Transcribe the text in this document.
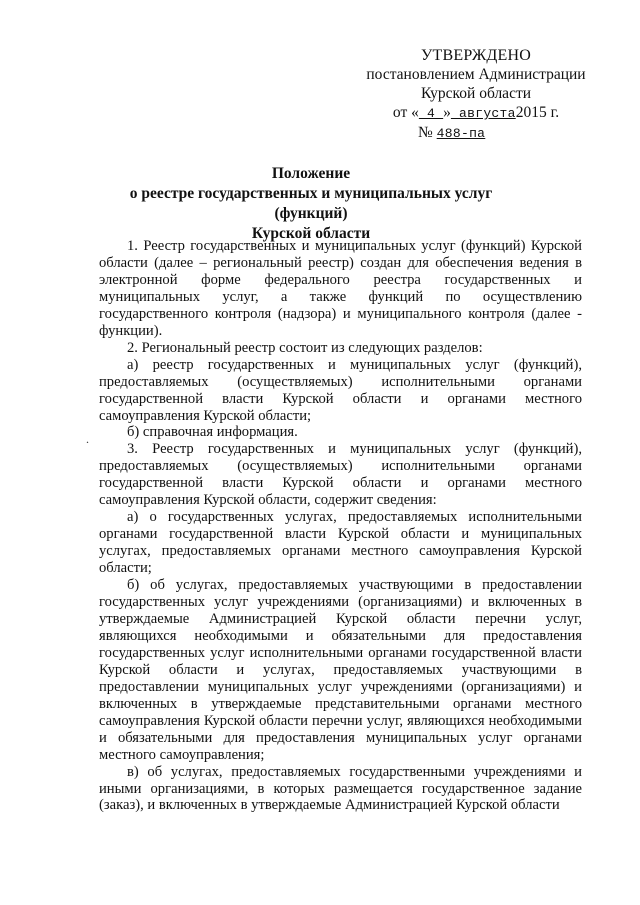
УТВЕРЖДЕНО
постановлением Администрации
Курской области
от « 4 » августа2015 г.
№ 488-па
Положение
о реестре государственных и муниципальных услуг (функций)
Курской области
.

1. Реестр государственных и муниципальных услуг (функций) Курской области (далее – региональный реестр) создан для обеспечения ведения в электронной форме федерального реестра государственных и муниципальных услуг, а также функций по осуществлению государственного контроля (надзора) и муниципального контроля (далее - функции).

2. Региональный реестр состоит из следующих разделов:

а) реестр государственных и муниципальных услуг (функций), предоставляемых (осуществляемых) исполнительными органами государственной власти Курской области и органами местного самоуправления Курской области;

б) справочная информация.

3. Реестр государственных и муниципальных услуг (функций), предоставляемых (осуществляемых) исполнительными органами государственной власти Курской области и органами местного самоуправления Курской области, содержит сведения:

а) о государственных услугах, предоставляемых исполнительными органами государственной власти Курской области и муниципальных услугах, предоставляемых органами местного самоуправления Курской области;

б) об услугах, предоставляемых участвующими в предоставлении государственных услуг учреждениями (организациями) и включенных в утверждаемые Администрацией Курской области перечни услуг, являющихся необходимыми и обязательными для предоставления государственных услуг исполнительными органами государственной власти Курской области и услугах, предоставляемых участвующими в предоставлении муниципальных услуг учреждениями (организациями) и включенных в утверждаемые представительными органами местного самоуправления Курской области перечни услуг, являющихся необходимыми и обязательными для предоставления муниципальных услуг органами местного самоуправления;

в) об услугах, предоставляемых государственными учреждениями и иными организациями, в которых размещается государственное задание (заказ), и включенных в утверждаемые Администрацией Курской области
